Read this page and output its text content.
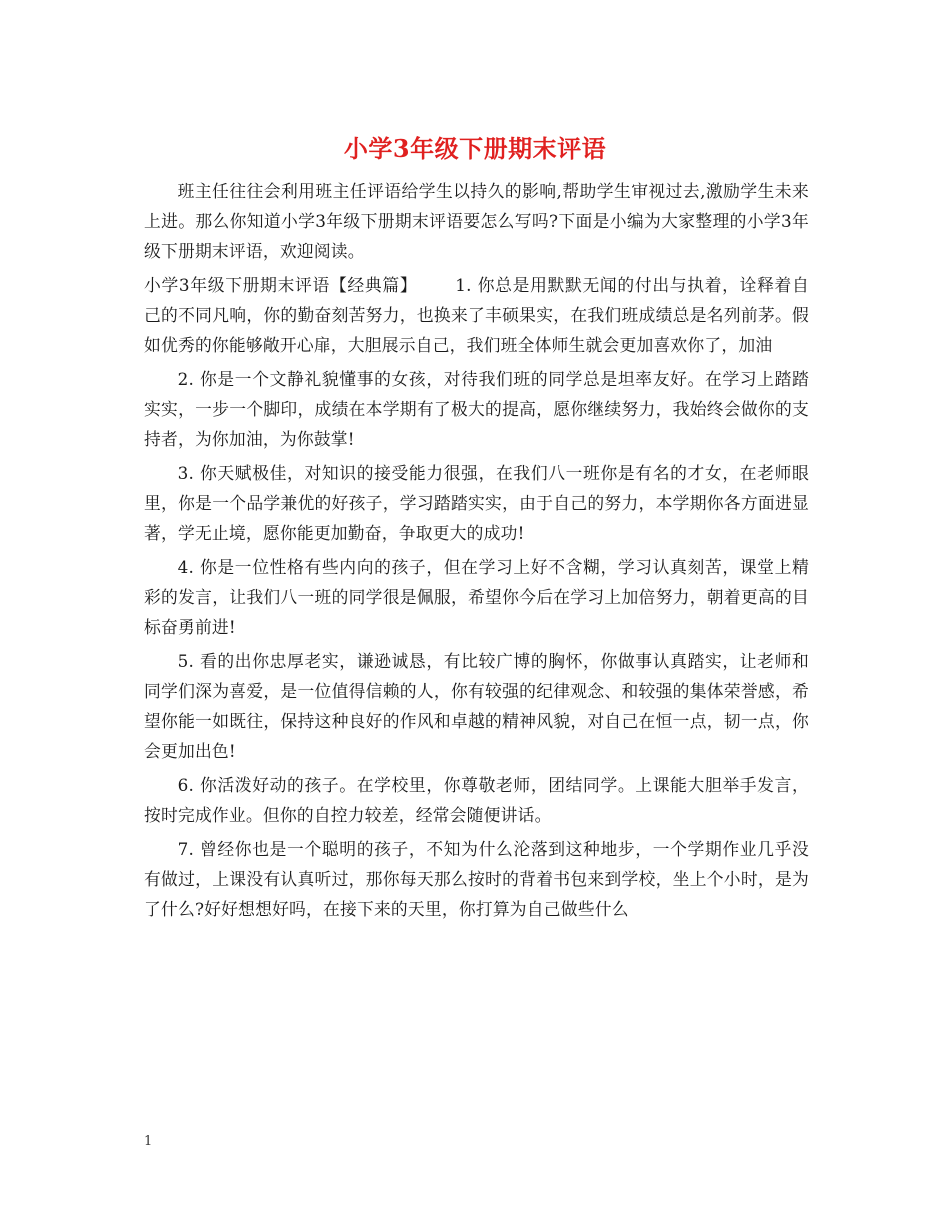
小学3年级下册期末评语

班主任往往会利用班主任评语给学生以持久的影响,帮助学生审视过去,激励学生未来上进。那么你知道小学3年级下册期末评语要怎么写吗?下面是小编为大家整理的小学3年级下册期末评语，欢迎阅读。

小学3年级下册期末评语【经典篇】 1. 你总是用默默无闻的付出与执着，诠释着自己的不同凡响，你的勤奋刻苦努力，也换来了丰硕果实，在我们班成绩总是名列前茅。假如优秀的你能够敞开心扉，大胆展示自己，我们班全体师生就会更加喜欢你了，加油

2. 你是一个文静礼貌懂事的女孩，对待我们班的同学总是坦率友好。在学习上踏踏实实，一步一个脚印，成绩在本学期有了极大的提高，愿你继续努力，我始终会做你的支持者，为你加油，为你鼓掌!

3. 你天赋极佳，对知识的接受能力很强，在我们八一班你是有名的才女，在老师眼里，你是一个品学兼优的好孩子，学习踏踏实实，由于自己的努力，本学期你各方面进显著，学无止境，愿你能更加勤奋，争取更大的成功!

4. 你是一位性格有些内向的孩子，但在学习上好不含糊，学习认真刻苦，课堂上精彩的发言，让我们八一班的同学很是佩服，希望你今后在学习上加倍努力，朝着更高的目标奋勇前进!

5. 看的出你忠厚老实，谦逊诚恳，有比较广博的胸怀，你做事认真踏实，让老师和同学们深为喜爱，是一位值得信赖的人，你有较强的纪律观念、和较强的集体荣誉感，希望你能一如既往，保持这种良好的作风和卓越的精神风貌，对自己在恒一点，韧一点，你会更加出色!

6. 你活泼好动的孩子。在学校里，你尊敬老师，团结同学。上课能大胆举手发言，按时完成作业。但你的自控力较差，经常会随便讲话。

7. 曾经你也是一个聪明的孩子，不知为什么沦落到这种地步，一个学期作业几乎没有做过，上课没有认真听过，那你每天那么按时的背着书包来到学校，坐上个小时，是为了什么?好好想想好吗，在接下来的天里，你打算为自己做些什么

1
